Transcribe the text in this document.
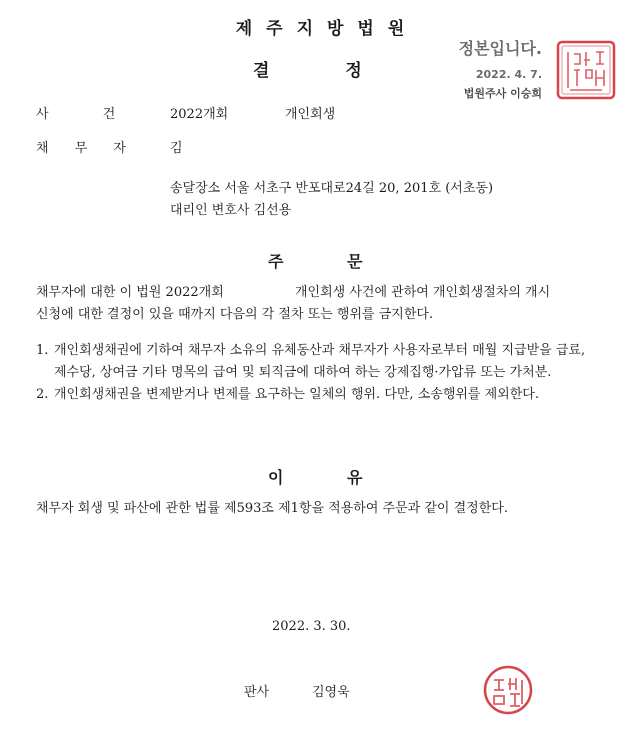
제주지방법원
결 정
정본입니다.
2022. 4. 7.
법원주사 이승희
사 건	2022개회	개인회생
채 무 자	김
송달장소 서울 서초구 반포대로24길 20, 201호 (서초동)
대리인 변호사 김선용
주 문
채무자에 대한 이 법원 2022개회	개인회생 사건에 관하여 개인회생절차의 개시
신청에 대한 결정이 있을 때까지 다음의 각 절차 또는 행위를 금지한다.
1. 개인회생채권에 기하여 채무자 소유의 유체동산과 채무자가 사용자로부터 매월 지급받을 급료, 제수당, 상여금 기타 명목의 급여 및 퇴직금에 대하여 하는 강제집행·가압류 또는 가처분.
2. 개인회생채권을 변제받거나 변제를 요구하는 일체의 행위. 다만, 소송행위를 제외한다.
이 유
채무자 회생 및 파산에 관한 법률 제593조 제1항을 적용하여 주문과 같이 결정한다.
2022. 3. 30.
판사	김영욱
